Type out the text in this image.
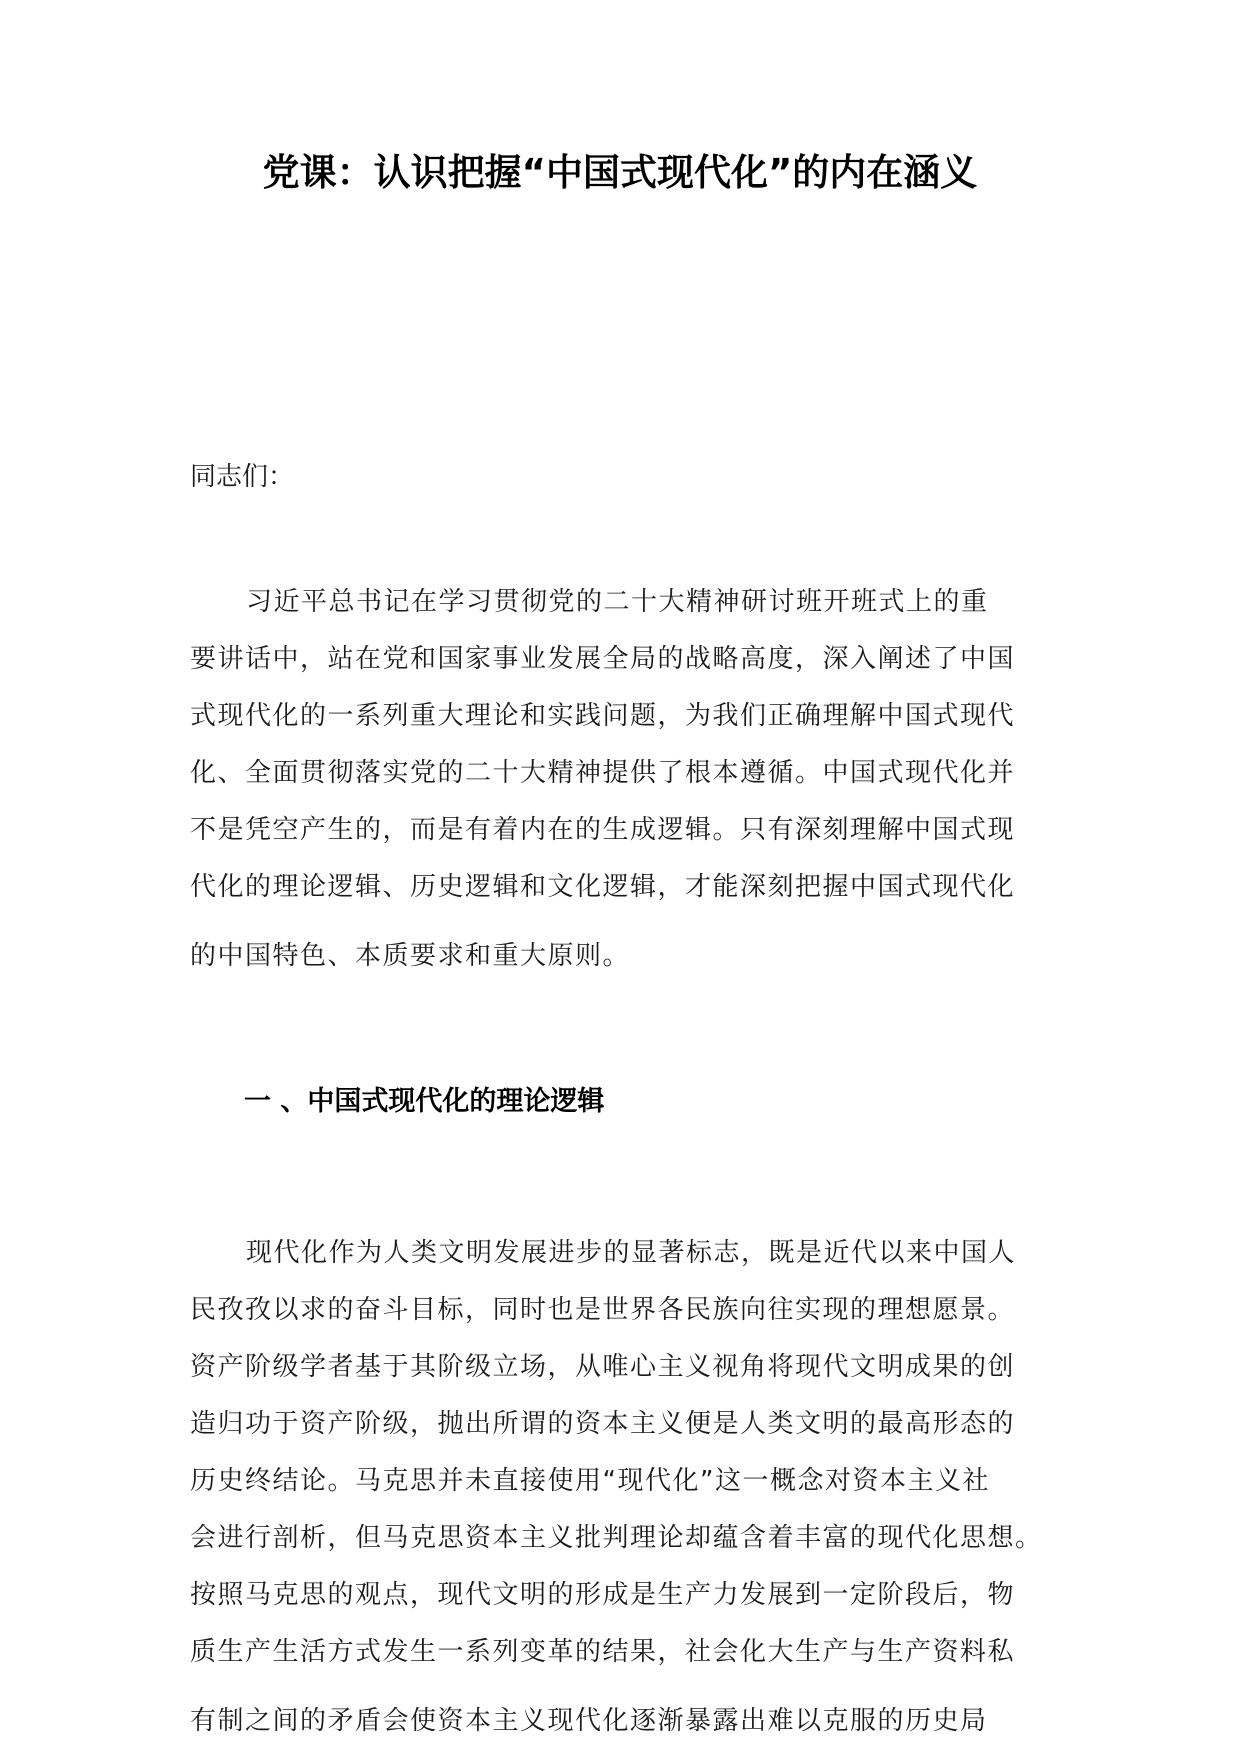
党课：认识把握“中国式现代化”的内在涵义
同志们：
习近平总书记在学习贯彻党的二十大精神研讨班开班式上的重
要讲话中，站在党和国家事业发展全局的战略高度，深入阐述了中国
式现代化的一系列重大理论和实践问题，为我们正确理解中国式现代
化、全面贯彻落实党的二十大精神提供了根本遵循。中国式现代化并
不是凭空产生的，而是有着内在的生成逻辑。只有深刻理解中国式现
代化的理论逻辑、历史逻辑和文化逻辑，才能深刻把握中国式现代化
的中国特色、本质要求和重大原则。
一 、中国式现代化的理论逻辑
现代化作为人类文明发展进步的显著标志，既是近代以来中国人
民孜孜以求的奋斗目标，同时也是世界各民族向往实现的理想愿景。
资产阶级学者基于其阶级立场，从唯心主义视角将现代文明成果的创
造归功于资产阶级，抛出所谓的资本主义便是人类文明的最高形态的
历史终结论。马克思并未直接使用“现代化”这一概念对资本主义社
会进行剖析，但马克思资本主义批判理论却蕴含着丰富的现代化思想。
按照马克思的观点，现代文明的形成是生产力发展到一定阶段后，物
质生产生活方式发生一系列变革的结果，社会化大生产与生产资料私
有制之间的矛盾会使资本主义现代化逐渐暴露出难以克服的历史局
